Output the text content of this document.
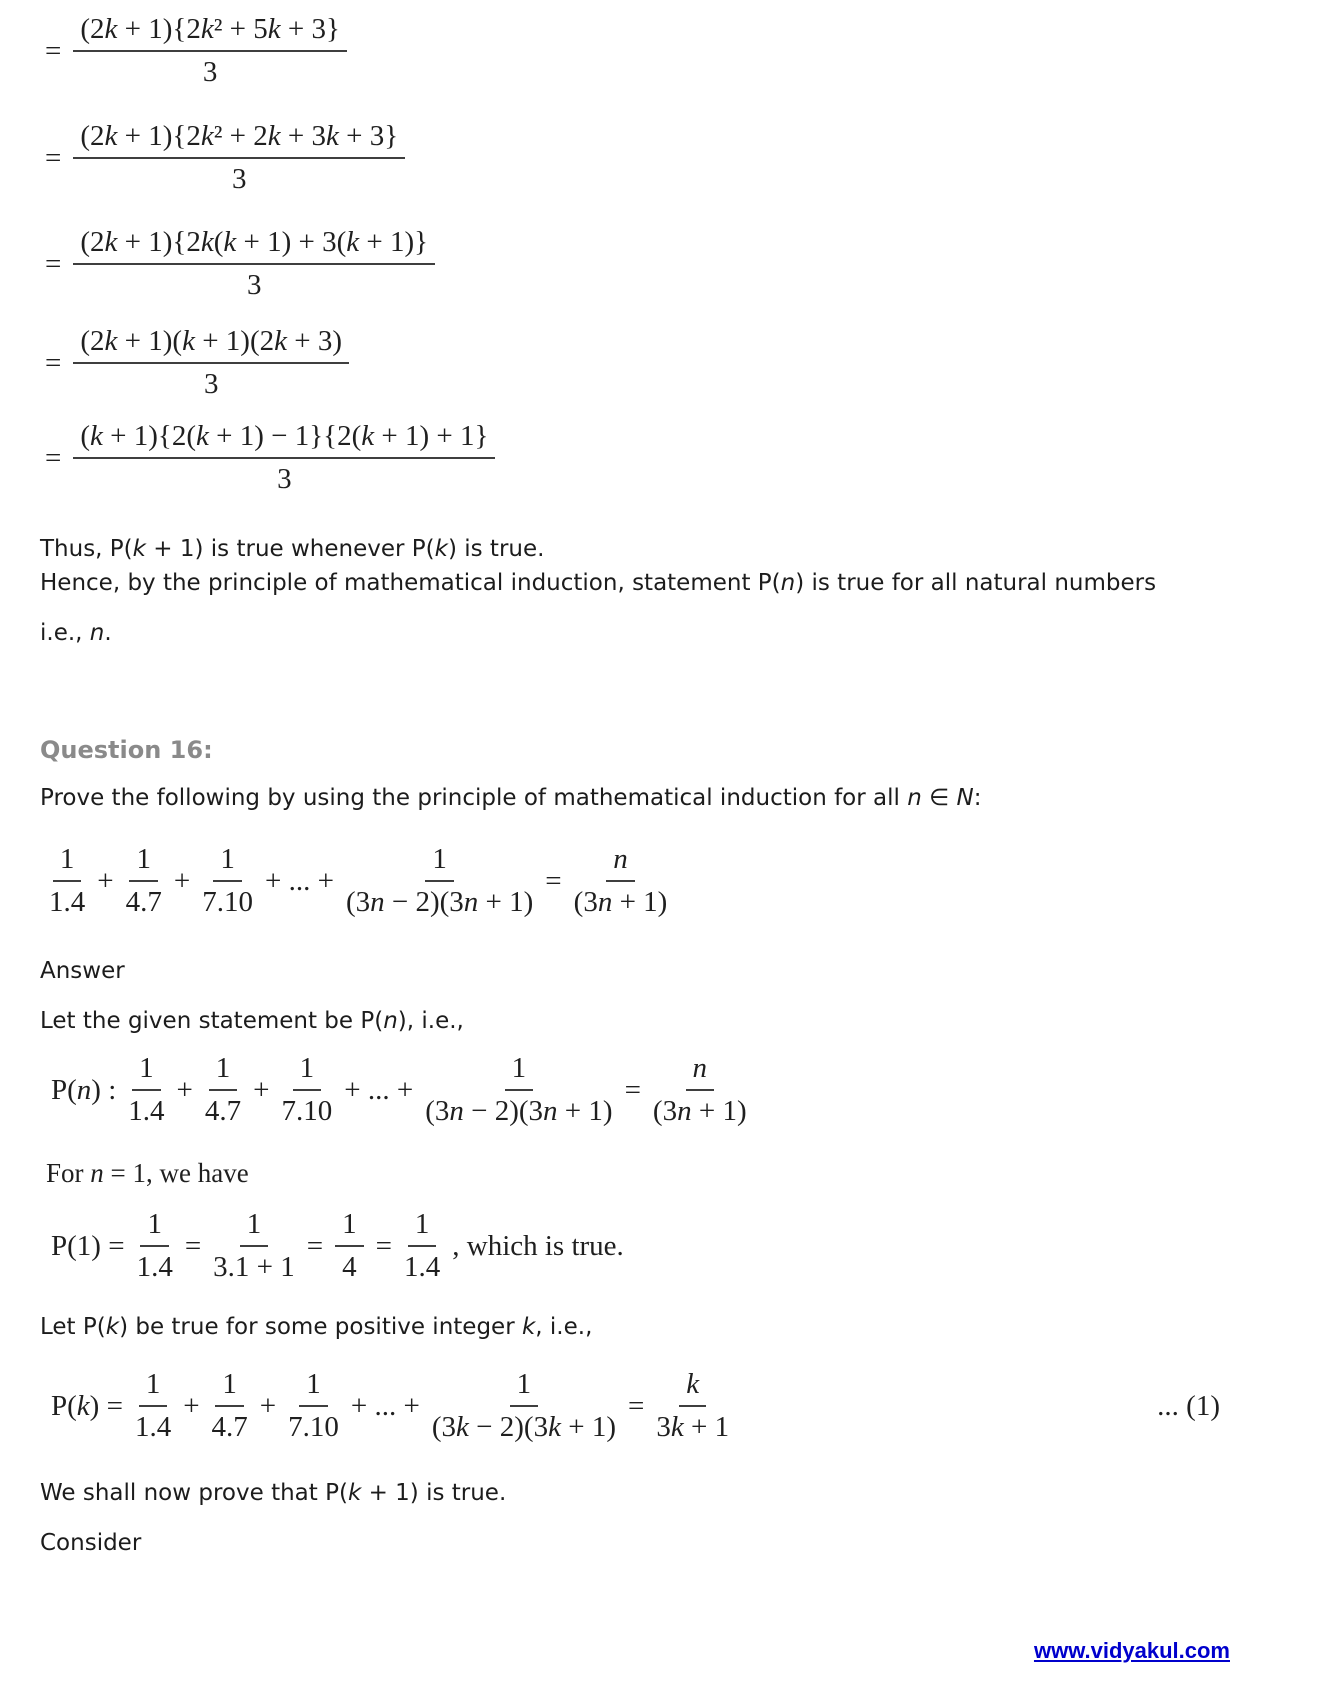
= $\frac{\text{(2k + 1)\{2k² + 5k + 3\}}}{3}$
= $\frac{\text{(2k + 1)\{2k² + 2k + 3k + 3\}}}{3}$
= $\frac{(2k + 1)\{2k(k + 1) + 3(k + 1)\}}{3}$
= $\frac{(2k + 1)(k + 1)(2k + 3)}{3}$
= $\frac{(k + 1)\{2(k + 1) - 1\}\{2(k + 1) + 1\}}{3}$
Thus, P(k + 1) is true whenever P(k) is true.
Hence, by the principle of mathematical induction, statement P(n) is true for all natural numbers i.e., n.
Question 16:
Prove the following by using the principle of mathematical induction for all n ∈ N:
$\frac{1}{1.4} + \frac{1}{4.7} + \frac{1}{7.10}$ + ... + $\frac{1}{(3n - 2)(3n + 1)} = \frac{n}{(3n + 1)}$
Answer
Let the given statement be P(n), i.e.,
P(n) : $\frac{1}{1.4} + \frac{1}{4.7} + \frac{1}{7.10}$ + ... + $\frac{1}{(3n - 2)(3n + 1)} = \frac{n}{(3n + 1)}$
For n = 1, we have
$P(1) = \frac{1}{1.4} = \frac{1}{3.1 + 1} = \frac{1}{4} = \frac{1}{1.4}$ , which is true.
Let P(k) be true for some positive integer k, i.e.,
$P(k) = \frac{1}{1.4} + \frac{1}{4.7} + \frac{1}{7.10}$ + ... + $\frac{1}{(3k - 2)(3k + 1)} = \frac{k}{3k + 1}$	... (1)
We shall now prove that P(k + 1) is true.
Consider
www.vidyakul.com
